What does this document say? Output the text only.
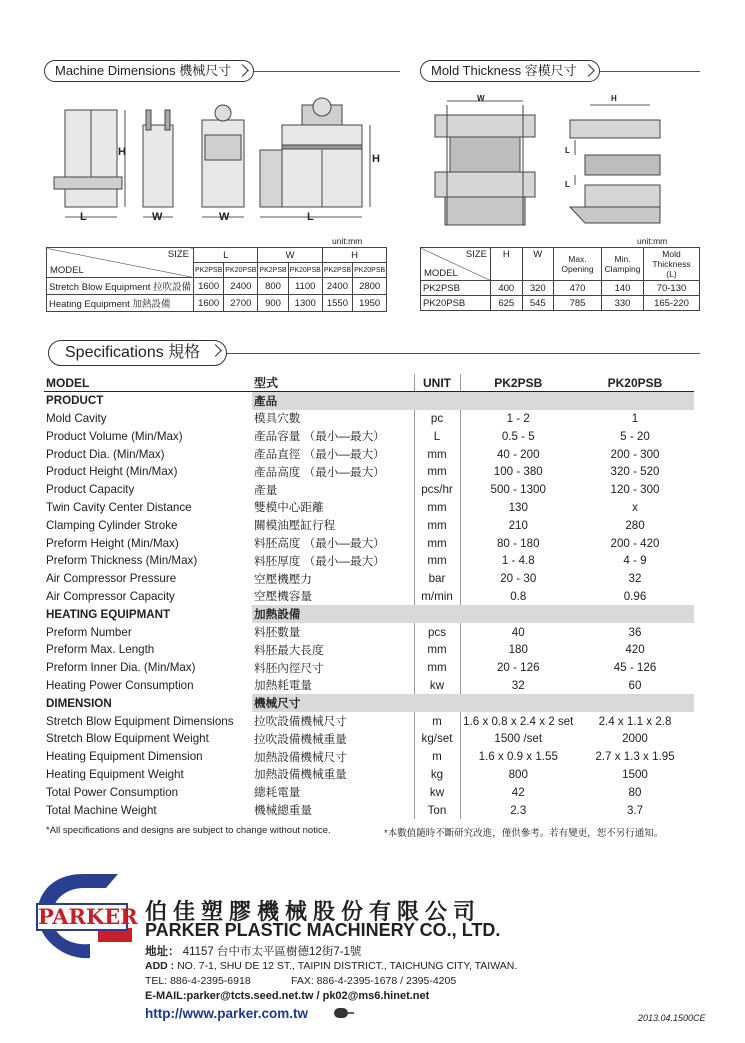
Machine Dimensions 機械尺寸
H
H
L	W	W	L
unit:mm
SIZE
MODEL	L		W		H	
	PK2PSB	PK20PSB	PK2PSB	PK20PSB	PK2PSB	PK20PSB
Stretch Blow Equipment 拉吹設備	1600	2400	800	1100	2400	2800
Heating Equipment 加熱設備	1600	2700	900	1300	1550	1950
Mold Thickness 容模尺寸
W	H
L
L
unit:mm
SIZE
MODEL	H	W	Max. Opening	Min. Clamping	Mold Thickness (L)
PK2PSB	400	320	470	140	70-130
PK20PSB	625	545	785	330	165-220
Specifications 規格
MODEL	型式	UNIT	PK2PSB	PK20PSB
PRODUCT	產品			
Mold Cavity	模具穴數	pc	1 - 2	1
Product Volume (Min/Max)	產品容量 （最小—最大）	L	0.5 - 5	5 - 20
Product Dia. (Min/Max)	產品直徑 （最小—最大）	mm	40 - 200	200 - 300
Product Height (Min/Max)	產品高度 （最小—最大）	mm	100 - 380	320 - 520
Product Capacity	產量	pcs/hr	500 - 1300	120 - 300
Twin Cavity Center Distance	雙模中心距離	mm	130	x
Clamping Cylinder Stroke	關模油壓缸行程	mm	210	280
Preform Height (Min/Max)	料胚高度 （最小—最大）	mm	80 - 180	200 - 420
Preform Thickness (Min/Max)	料胚厚度 （最小—最大）	mm	1 - 4.8	4 - 9
Air Compressor Pressure	空壓機壓力	bar	20 - 30	32
Air Compressor Capacity	空壓機容量	m/min	0.8	0.96
HEATING EQUIPMANT	加熱設備			
Preform Number	料胚數量	pcs	40	36
Preform Max. Length	料胚最大長度	mm	180	420
Preform Inner Dia. (Min/Max)	料胚內徑尺寸	mm	20 - 126	45 - 126
Heating Power Consumption	加熱耗電量	kw	32	60
DIMENSION	機械尺寸			
Stretch Blow Equipment Dimensions	拉吹設備機械尺寸	m	1.6 x 0.8 x 2.4 x 2 set	2.4 x 1.1 x 2.8
Stretch Blow Equipment Weight	拉吹設備機械重量	kg/set	1500 /set	2000
Heating Equipment Dimension	加熱設備機械尺寸	m	1.6 x 0.9 x 1.55	2.7 x 1.3 x 1.95
Heating Equipment Weight	加熱設備機械重量	kg	800	1500
Total Power Consumption	總耗電量	kw	42	80
Total Machine Weight	機械總重量	Ton	2.3	3.7
*All specifications and designs are subject to change without notice.	*本數值隨時不斷研究改進，僅供參考。若有變更，恕不另行通知。
PARKER 伯佳塑膠機械股份有限公司
PARKER PLASTIC MACHINERY CO., LTD.
地址： 41157 台中市太平區樹德12街7-1號
ADD : NO. 7-1, SHU DE 12 ST., TAIPIN DISTRICT., TAICHUNG CITY, TAIWAN.
TEL: 886-4-2395-6918	FAX: 886-4-2395-1678 / 2395-4205
E-MAIL:parker@tcts.seed.net.tw / pk02@ms6.hinet.net
http://www.parker.com.tw	2013.04.1500CE
